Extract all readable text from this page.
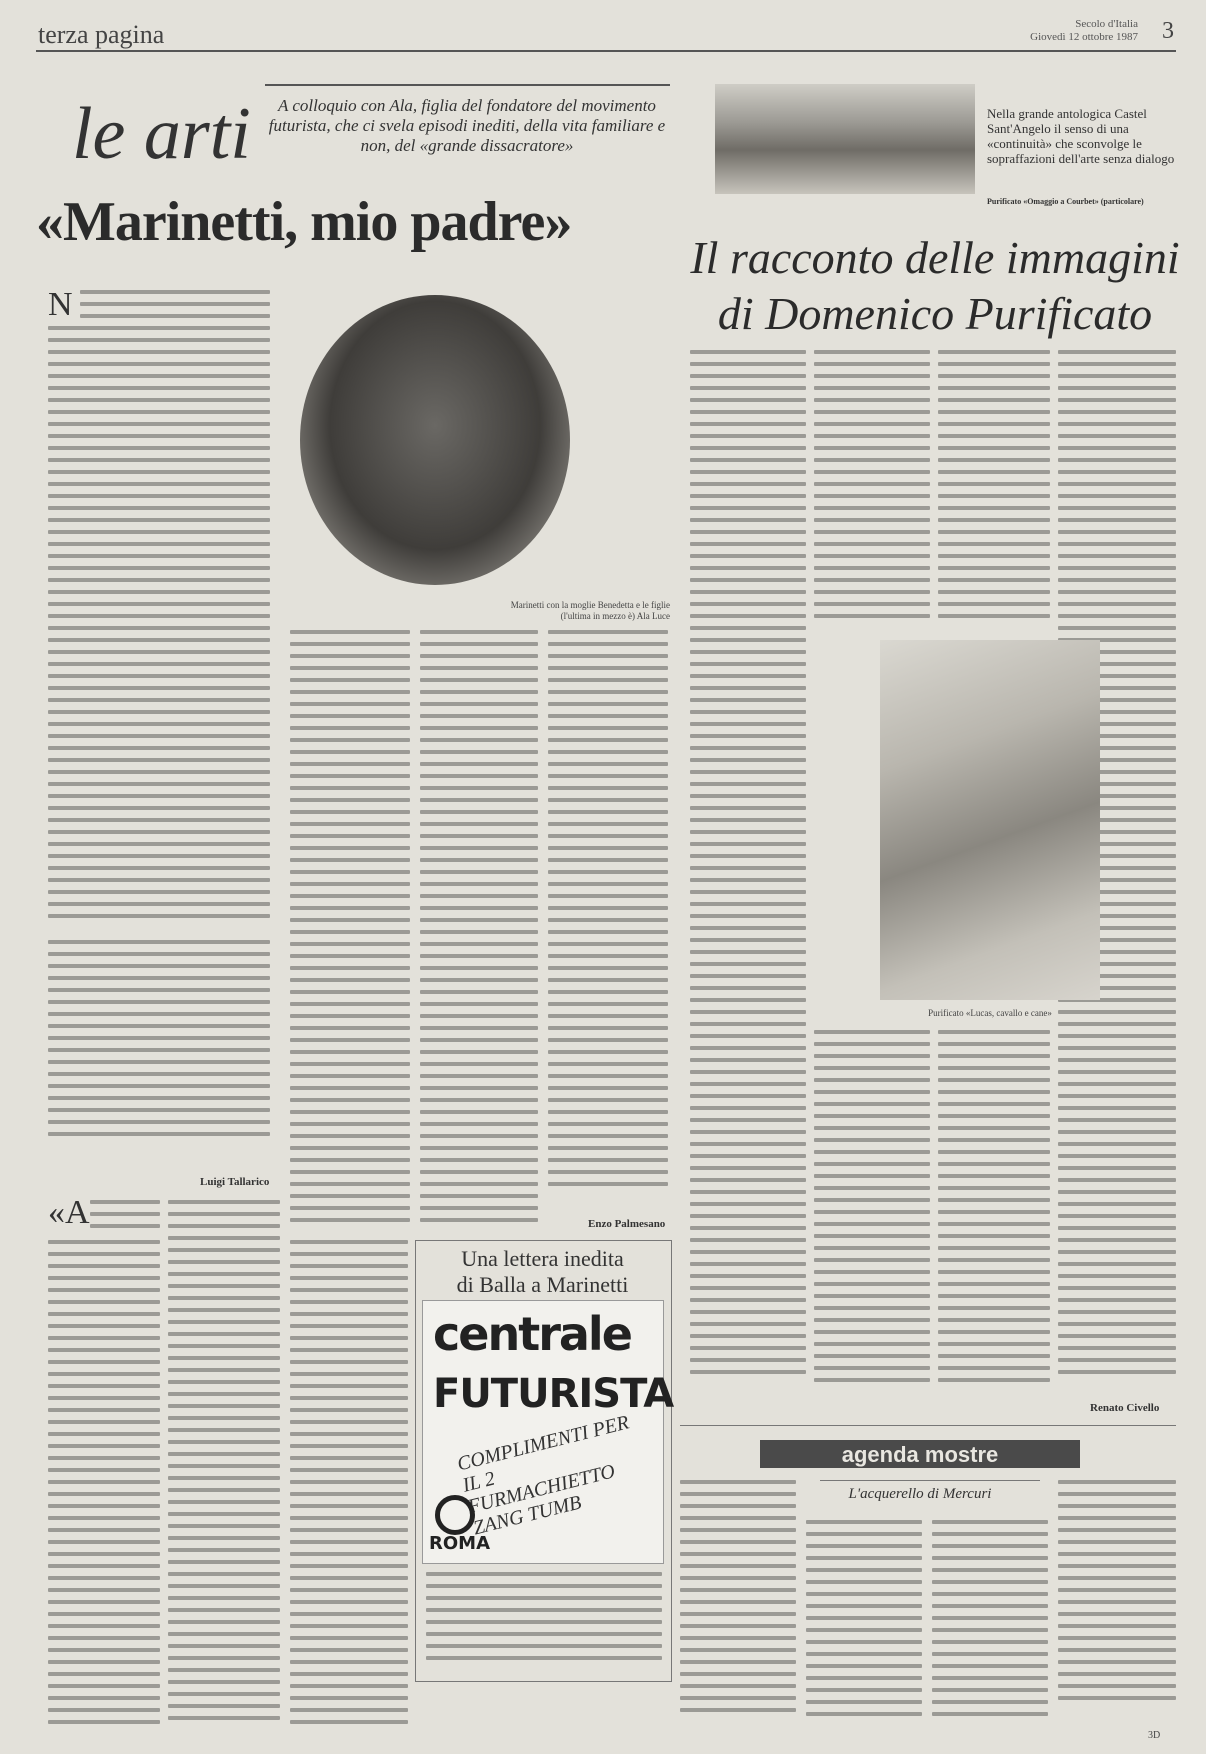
terza pagina	Secolo d'Italia
Giovedì 12 ottobre 1987 3
le arti	A colloquio con Ala, figlia del fondatore del movimento futurista, che ci svela episodi inediti, della vita familiare e non, del «grande dissacratore»
«Marinetti, mio padre»
N
Luigi Tallarico
Marinetti con la moglie Benedetta e le figlie (l'ultima in mezzo è) Ala Luce
Enzo Palmesano
«A
Una lettera inedita
di Balla a Marinetti
centrale
FUTURISTA
COMPLIMENTI PER IL 2 FURMACHIETTO ZANG TUMB
ROMA
Nella grande antologica Castel Sant'Angelo il senso di una «continuità» che sconvolge le sopraffazioni dell'arte senza dialogo
Purificato «Omaggio a Courbet» (particolare)
Il racconto delle immagini
di Domenico Purificato
Purificato «Lucas, cavallo e cane»
Renato Civello
agenda mostre
L'acquerello di Mercuri
3D
